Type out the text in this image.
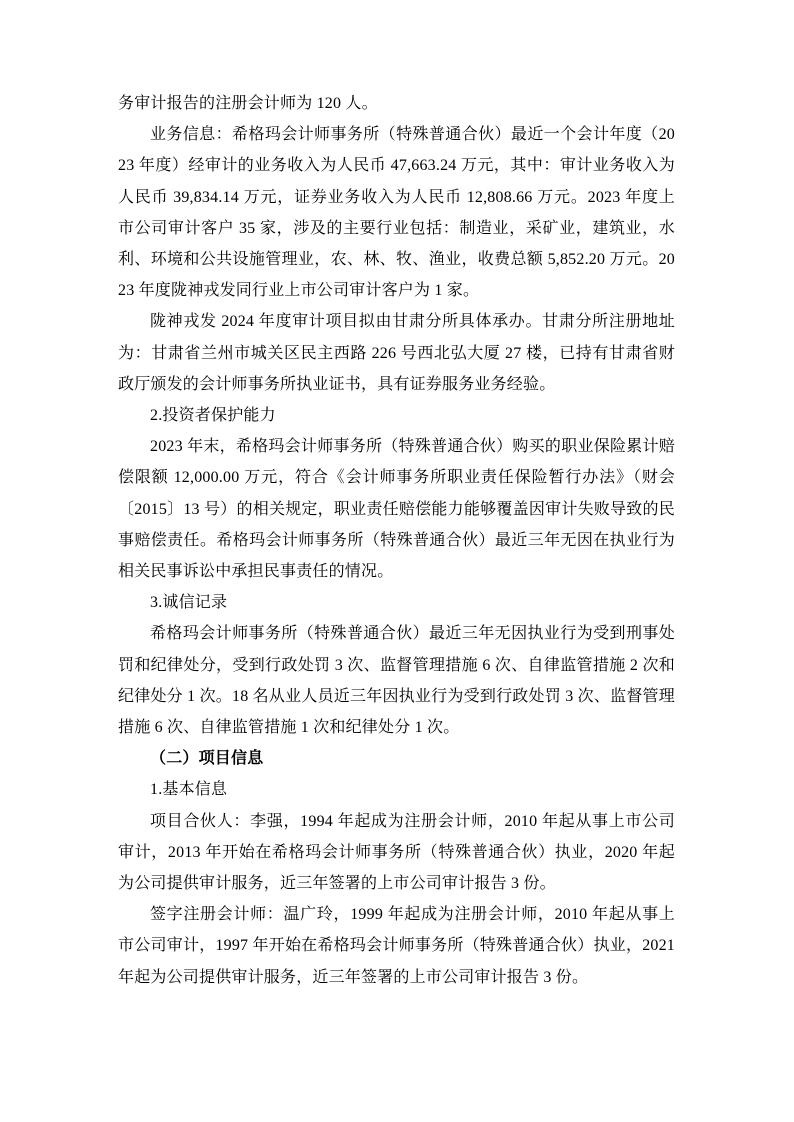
务审计报告的注册会计师为 120 人。

业务信息：希格玛会计师事务所（特殊普通合伙）最近一个会计年度（2023 年度）经审计的业务收入为人民币 47,663.24 万元，其中：审计业务收入为人民币 39,834.14 万元，证券业务收入为人民币 12,808.66 万元。2023 年度上市公司审计客户 35 家，涉及的主要行业包括：制造业，采矿业，建筑业，水利、环境和公共设施管理业，农、林、牧、渔业，收费总额 5,852.20 万元。2023 年度陇神戎发同行业上市公司审计客户为 1 家。

陇神戎发 2024 年度审计项目拟由甘肃分所具体承办。甘肃分所注册地址为：甘肃省兰州市城关区民主西路 226 号西北弘大厦 27 楼，已持有甘肃省财政厅颁发的会计师事务所执业证书，具有证券服务业务经验。

2.投资者保护能力

2023 年末，希格玛会计师事务所（特殊普通合伙）购买的职业保险累计赔偿限额 12,000.00 万元，符合《会计师事务所职业责任保险暂行办法》（财会〔2015〕13 号）的相关规定，职业责任赔偿能力能够覆盖因审计失败导致的民事赔偿责任。希格玛会计师事务所（特殊普通合伙）最近三年无因在执业行为相关民事诉讼中承担民事责任的情况。

3.诚信记录

希格玛会计师事务所（特殊普通合伙）最近三年无因执业行为受到刑事处罚和纪律处分，受到行政处罚 3 次、监督管理措施 6 次、自律监管措施 2 次和纪律处分 1 次。18 名从业人员近三年因执业行为受到行政处罚 3 次、监督管理措施 6 次、自律监管措施 1 次和纪律处分 1 次。

（二）项目信息

1.基本信息

项目合伙人：李强，1994 年起成为注册会计师，2010 年起从事上市公司审计，2013 年开始在希格玛会计师事务所（特殊普通合伙）执业，2020 年起为公司提供审计服务，近三年签署的上市公司审计报告 3 份。

签字注册会计师：温广玲，1999 年起成为注册会计师，2010 年起从事上市公司审计，1997 年开始在希格玛会计师事务所（特殊普通合伙）执业，2021 年起为公司提供审计服务，近三年签署的上市公司审计报告 3 份。
